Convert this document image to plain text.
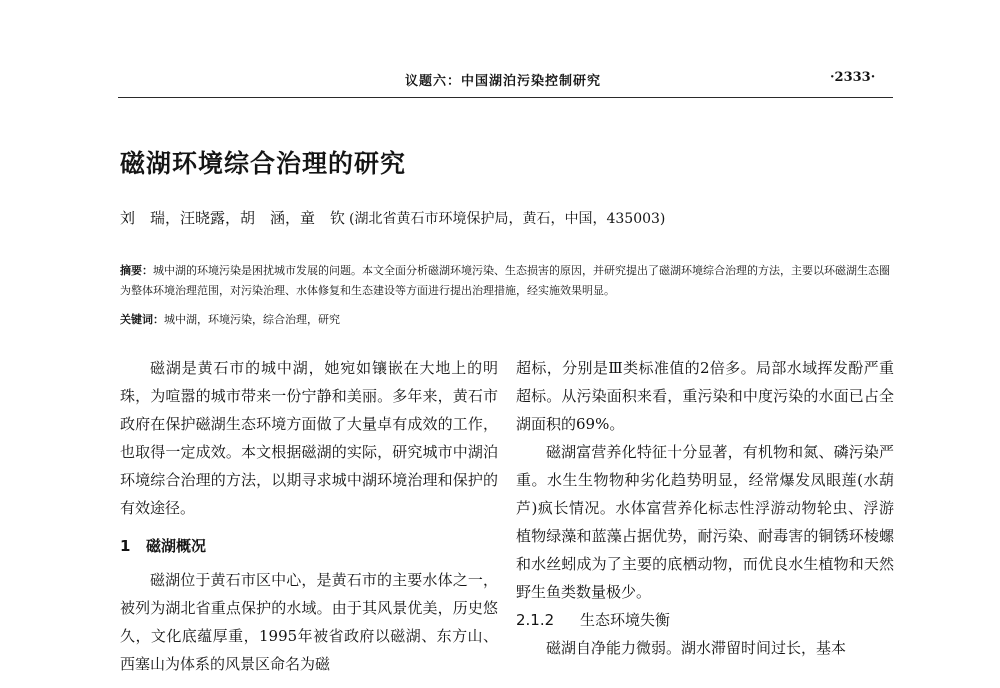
议题六：中国湖泊污染控制研究	·2333·
磁湖环境综合治理的研究
刘　瑞，汪晓露，胡　涵，童　钦 (湖北省黄石市环境保护局，黄石，中国，435003)
摘要：城中湖的环境污染是困扰城市发展的问题。本文全面分析磁湖环境污染、生态损害的原因，并研究提出了磁湖环境综合治理的方法，主要以环磁湖生态圈为整体环境治理范围，对污染治理、水体修复和生态建设等方面进行提出治理措施，经实施效果明显。
关键词：城中湖，环境污染，综合治理，研究

磁湖是黄石市的城中湖，她宛如镶嵌在大地上的明珠，为喧嚣的城市带来一份宁静和美丽。多年来，黄石市政府在保护磁湖生态环境方面做了大量卓有成效的工作，也取得一定成效。本文根据磁湖的实际，研究城市中湖泊环境综合治理的方法，以期寻求城中湖环境治理和保护的有效途径。

1 磁湖概况

磁湖位于黄石市区中心，是黄石市的主要水体之一，被列为湖北省重点保护的水域。由于其风景优美，历史悠久，文化底蕴厚重，1995年被省政府以磁湖、东方山、西塞山为体系的风景区命名为磁

超标，分别是Ⅲ类标准值的2倍多。局部水域挥发酚严重超标。从污染面积来看，重污染和中度污染的水面已占全湖面积的69%。

磁湖富营养化特征十分显著，有机物和氮、磷污染严重。水生生物物种劣化趋势明显，经常爆发凤眼莲(水葫芦)疯长情况。水体富营养化标志性浮游动物轮虫、浮游植物绿藻和蓝藻占据优势，耐污染、耐毒害的铜锈环棱螺和水丝蚓成为了主要的底栖动物，而优良水生植物和天然野生鱼类数量极少。

2.1.2 生态环境失衡

磁湖自净能力微弱。湖水滞留时间过长，基本
